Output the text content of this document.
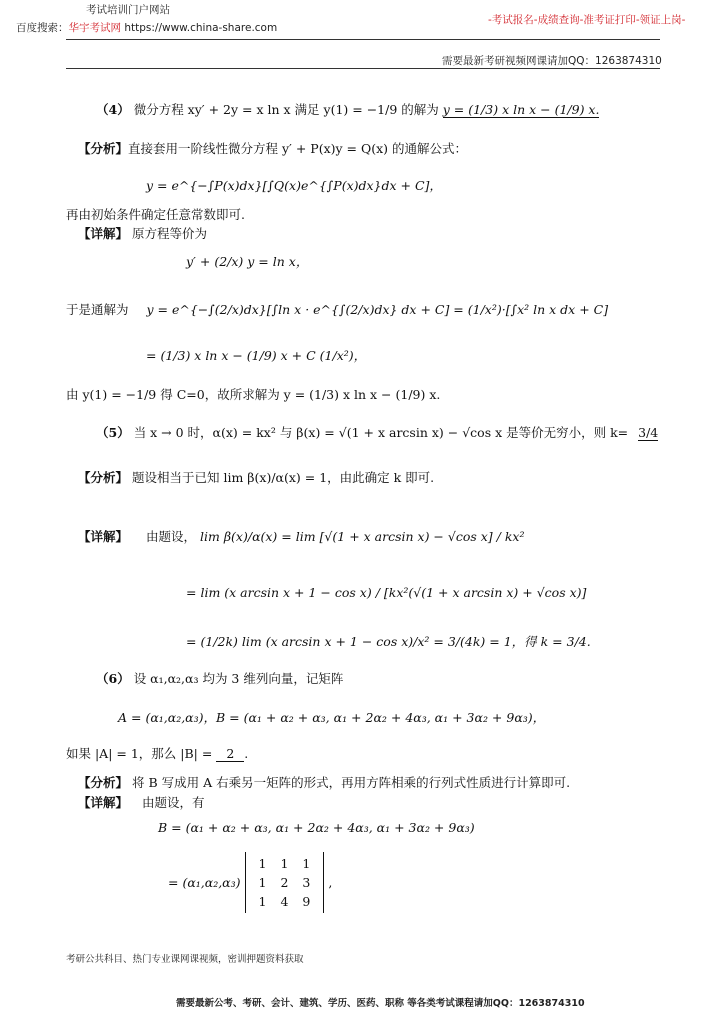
考试培训门户网站
百度搜索：华宇考试网 https://www.china-share.com
-考试报名-成绩查询-准考证打印-领证上岗-
需要最新考研视频网课请加QQ：1263874310
（4） 微分方程 xy′ + 2y = x ln x 满足 y(1) = −1/9 的解为 y = (1/3) x ln x − (1/9) x.
【分析】直接套用一阶线性微分方程 y′ + P(x)y = Q(x) 的通解公式：
y = e^{−∫P(x)dx}[∫Q(x)e^{∫P(x)dx}dx + C]，
再由初始条件确定任意常数即可.
【详解】 原方程等价为
y′ + (2/x) y = ln x，
于是通解为 y = e^{−∫(2/x)dx}[∫ln x · e^{∫(2/x)dx} dx + C] = (1/x²)·[∫x² ln x dx + C]
= (1/3) x ln x − (1/9) x + C (1/x²)，
由 y(1) = −1/9 得 C=0，故所求解为 y = (1/3) x ln x − (1/9) x.
（5） 当 x → 0 时，α(x) = kx² 与 β(x) = √(1 + x arcsin x) − √cos x 是等价无穷小，则 k= 3/4
【分析】 题设相当于已知 lim β(x)/α(x) = 1，由此确定 k 即可.
【详解】 由题设， lim β(x)/α(x) = lim [√(1 + x arcsin x) − √cos x] / kx²
= lim (x arcsin x + 1 − cos x) / [kx²(√(1 + x arcsin x) + √cos x)]
= (1/2k) lim (x arcsin x + 1 − cos x)/x² = 3/(4k) = 1，得 k = 3/4.
（6） 设 α₁,α₂,α₃ 均为 3 维列向量，记矩阵
A = (α₁,α₂,α₃)，B = (α₁ + α₂ + α₃, α₁ + 2α₂ + 4α₃, α₁ + 3α₂ + 9α₃)，
如果 |A| = 1，那么 |B| = 2 .
【分析】 将 B 写成用 A 右乘另一矩阵的形式，再用方阵相乘的行列式性质进行计算即可.
【详解】 由题设，有
B = (α₁ + α₂ + α₃, α₁ + 2α₂ + 4α₃, α₁ + 3α₂ + 9α₃)
= (α₁,α₂,α₃)
1	1	1
1	2	3
1	4	9
,
考研公共科目、热门专业课网课视频，密训押题资料获取
需要最新公考、考研、会计、建筑、学历、医药、职称 等各类考试课程请加QQ：1263874310
